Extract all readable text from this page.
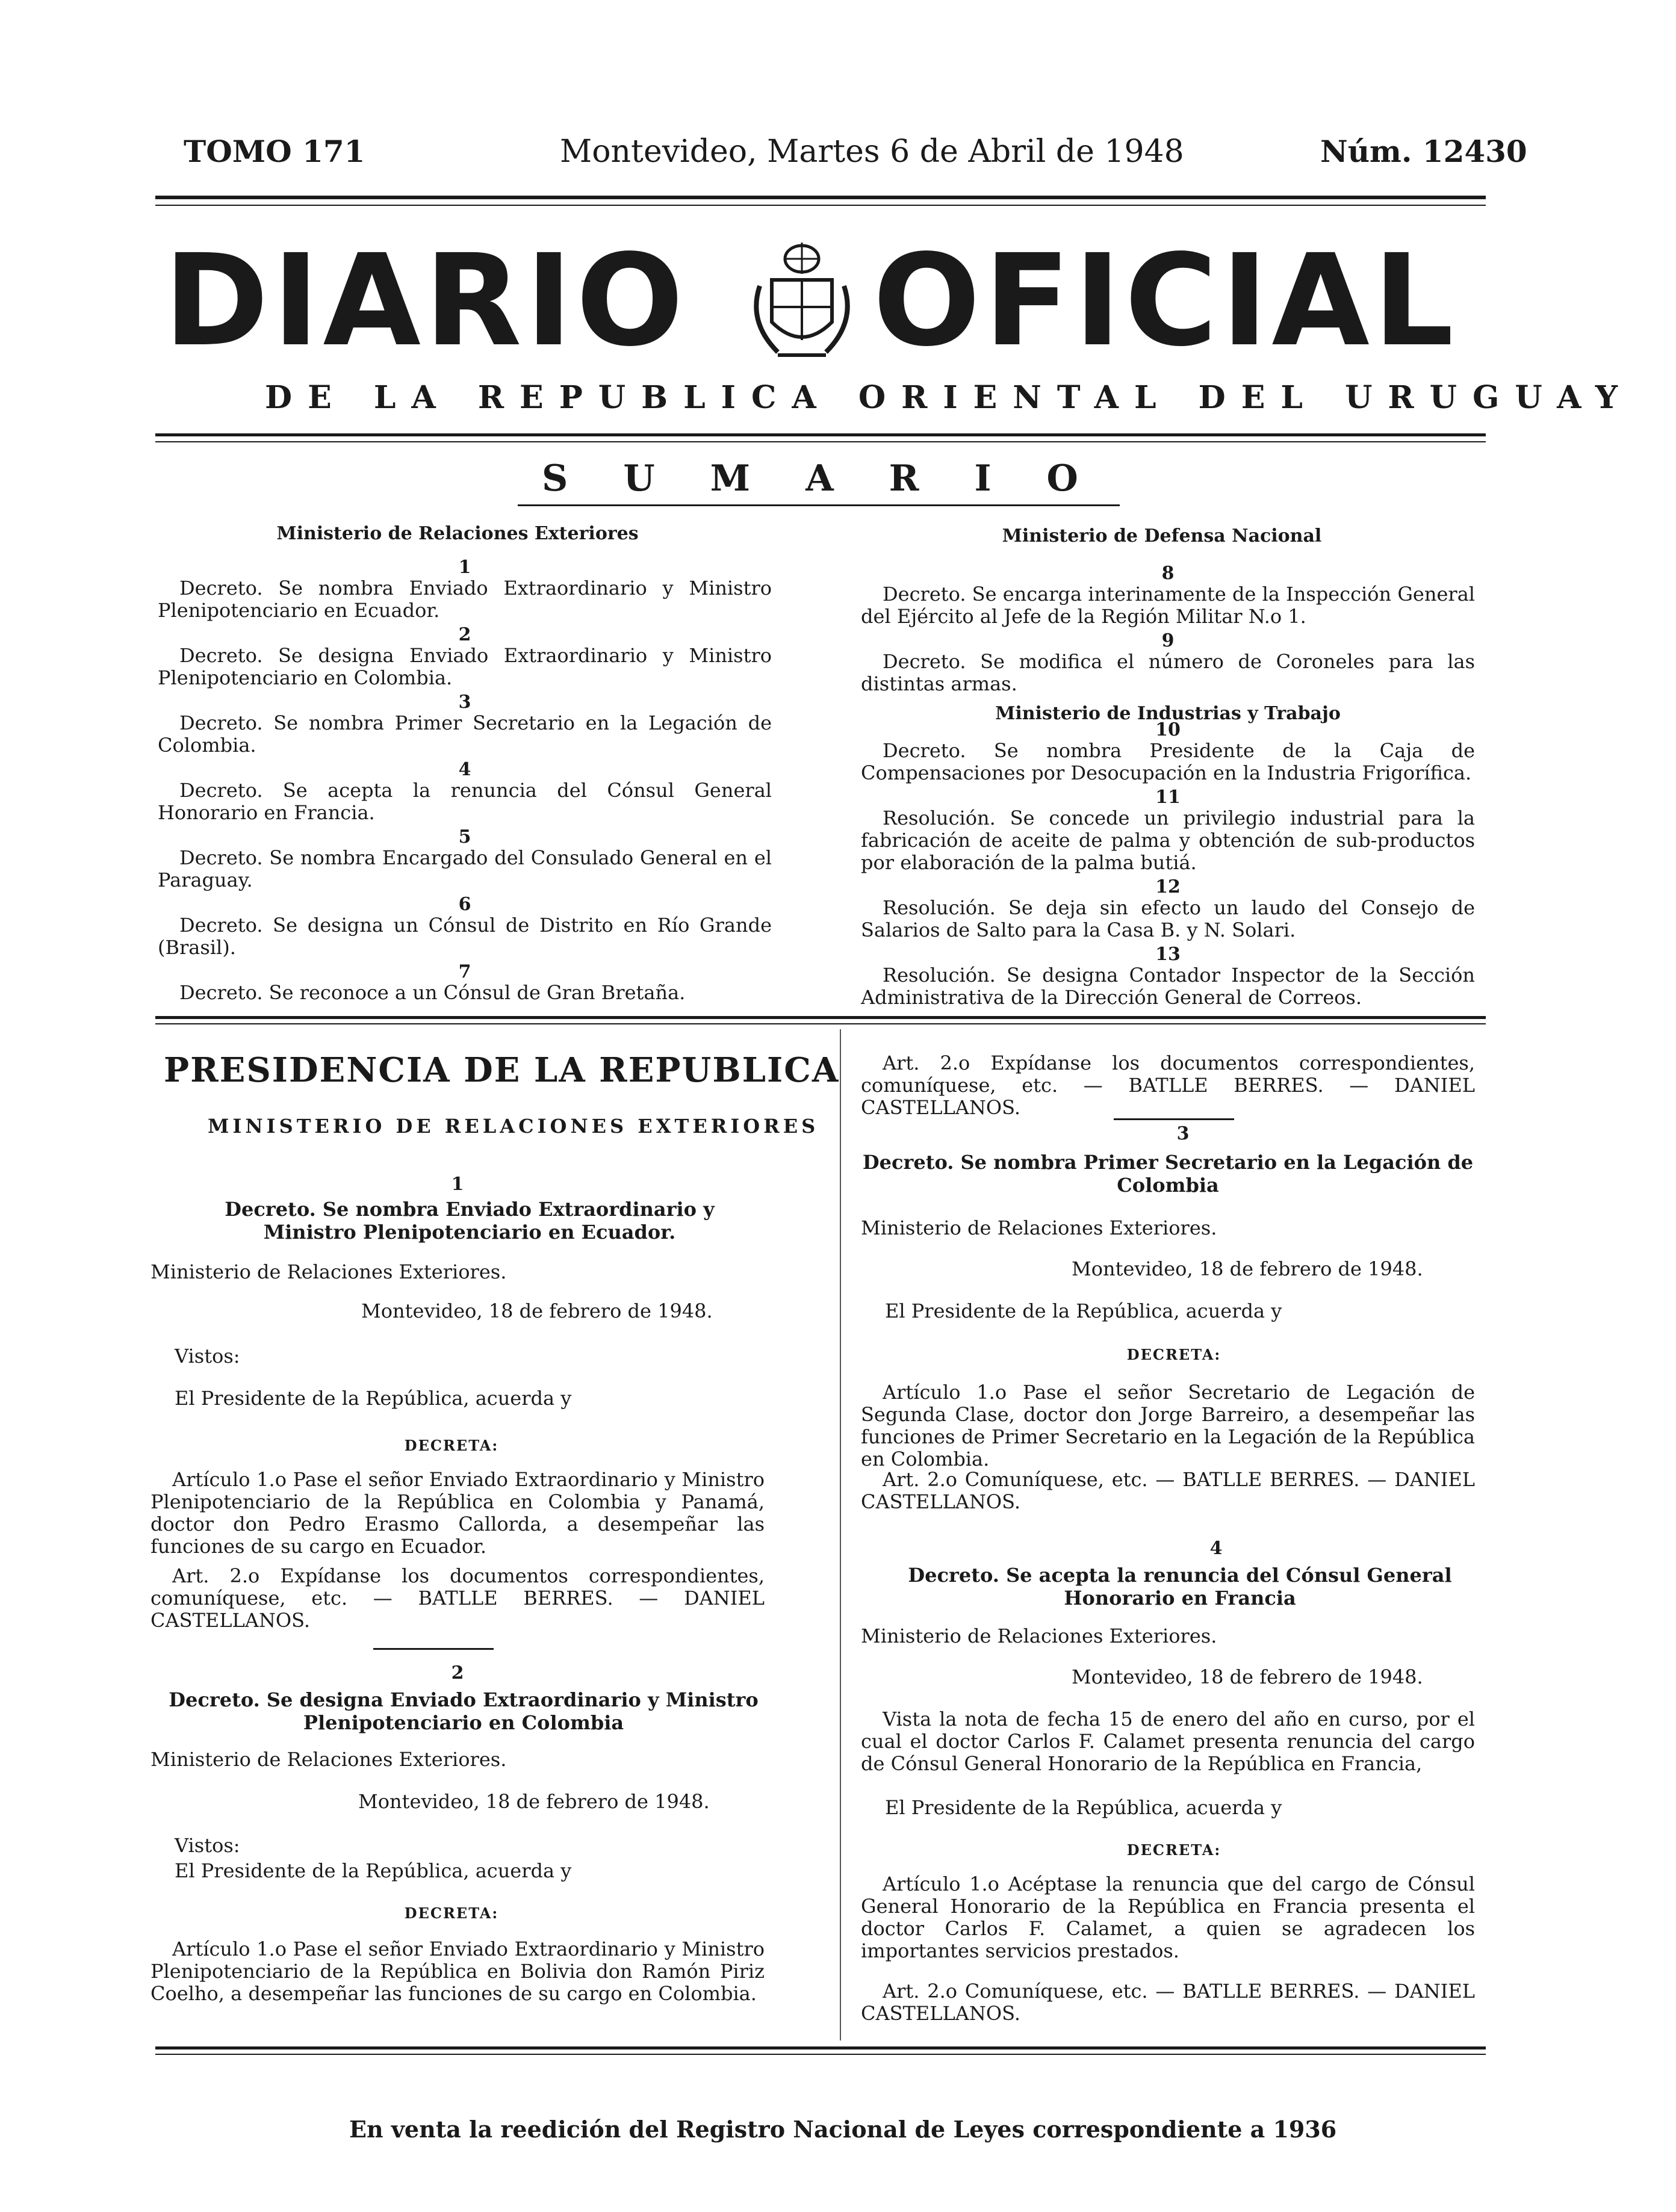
TOMO 171	Montevideo, Martes 6 de Abril de 1948	Núm. 12430
DIARIO OFICIAL
DE LA REPUBLICA ORIENTAL DEL URUGUAY
SUMARIO
Ministerio de Relaciones Exteriores
1
Decreto. Se nombra Enviado Extraordinario y Ministro Plenipotenciario en Ecuador.
2
Decreto. Se designa Enviado Extraordinario y Ministro Plenipotenciario en Colombia.
3
Decreto. Se nombra Primer Secretario en la Legación de Colombia.
4
Decreto. Se acepta la renuncia del Cónsul General Honorario en Francia.
5
Decreto. Se nombra Encargado del Consulado General en el Paraguay.
6
Decreto. Se designa un Cónsul de Distrito en Río Grande (Brasil).
7
Decreto. Se reconoce a un Cónsul de Gran Bretaña.
Ministerio de Defensa Nacional
8
Decreto. Se encarga interinamente de la Inspección General del Ejército al Jefe de la Región Militar N.o 1.
9
Decreto. Se modifica el número de Coroneles para las distintas armas.
Ministerio de Industrias y Trabajo
10
Decreto. Se nombra Presidente de la Caja de Compensaciones por Desocupación en la Industria Frigorífica.
11
Resolución. Se concede un privilegio industrial para la fabricación de aceite de palma y obtención de sub-productos por elaboración de la palma butiá.
12
Resolución. Se deja sin efecto un laudo del Consejo de Salarios de Salto para la Casa B. y N. Solari.
13
Resolución. Se designa Contador Inspector de la Sección Administrativa de la Dirección General de Correos.
PRESIDENCIA DE LA REPUBLICA
MINISTERIO DE RELACIONES EXTERIORES
1
Decreto. Se nombra Enviado Extraordinario y Ministro Plenipotenciario en Ecuador.
Ministerio de Relaciones Exteriores.
Montevideo, 18 de febrero de 1948.
Vistos:
El Presidente de la República, acuerda y
DECRETA:
Artículo 1.o Pase el señor Enviado Extraordinario y Ministro Plenipotenciario de la República en Colombia y Panamá, doctor don Pedro Erasmo Callorda, a desempeñar las funciones de su cargo en Ecuador.
Art. 2.o Expídanse los documentos correspondientes, comuníquese, etc. — BATLLE BERRES. — DANIEL CASTELLANOS.
2
Decreto. Se designa Enviado Extraordinario y Ministro Plenipotenciario en Colombia
Ministerio de Relaciones Exteriores.
Montevideo, 18 de febrero de 1948.
Vistos:
El Presidente de la República, acuerda y
DECRETA:
Artículo 1.o Pase el señor Enviado Extraordinario y Ministro Plenipotenciario de la República en Bolivia don Ramón Piriz Coelho, a desempeñar las funciones de su cargo en Colombia.
Art. 2.o Expídanse los documentos correspondientes, comuníquese, etc. — BATLLE BERRES. — DANIEL CASTELLANOS.
3
Decreto. Se nombra Primer Secretario en la Legación de Colombia
Ministerio de Relaciones Exteriores.
Montevideo, 18 de febrero de 1948.
El Presidente de la República, acuerda y
DECRETA:
Artículo 1.o Pase el señor Secretario de Legación de Segunda Clase, doctor don Jorge Barreiro, a desempeñar las funciones de Primer Secretario en la Legación de la República en Colombia.
Art. 2.o Comuníquese, etc. — BATLLE BERRES. — DANIEL CASTELLANOS.
4
Decreto. Se acepta la renuncia del Cónsul General Honorario en Francia
Ministerio de Relaciones Exteriores.
Montevideo, 18 de febrero de 1948.
Vista la nota de fecha 15 de enero del año en curso, por el cual el doctor Carlos F. Calamet presenta renuncia del cargo de Cónsul General Honorario de la República en Francia,
El Presidente de la República, acuerda y
DECRETA:
Artículo 1.o Acéptase la renuncia que del cargo de Cónsul General Honorario de la República en Francia presenta el doctor Carlos F. Calamet, a quien se agradecen los importantes servicios prestados.
Art. 2.o Comuníquese, etc. — BATLLE BERRES. — DANIEL CASTELLANOS.
En venta la reedición del Registro Nacional de Leyes correspondiente a 1936
